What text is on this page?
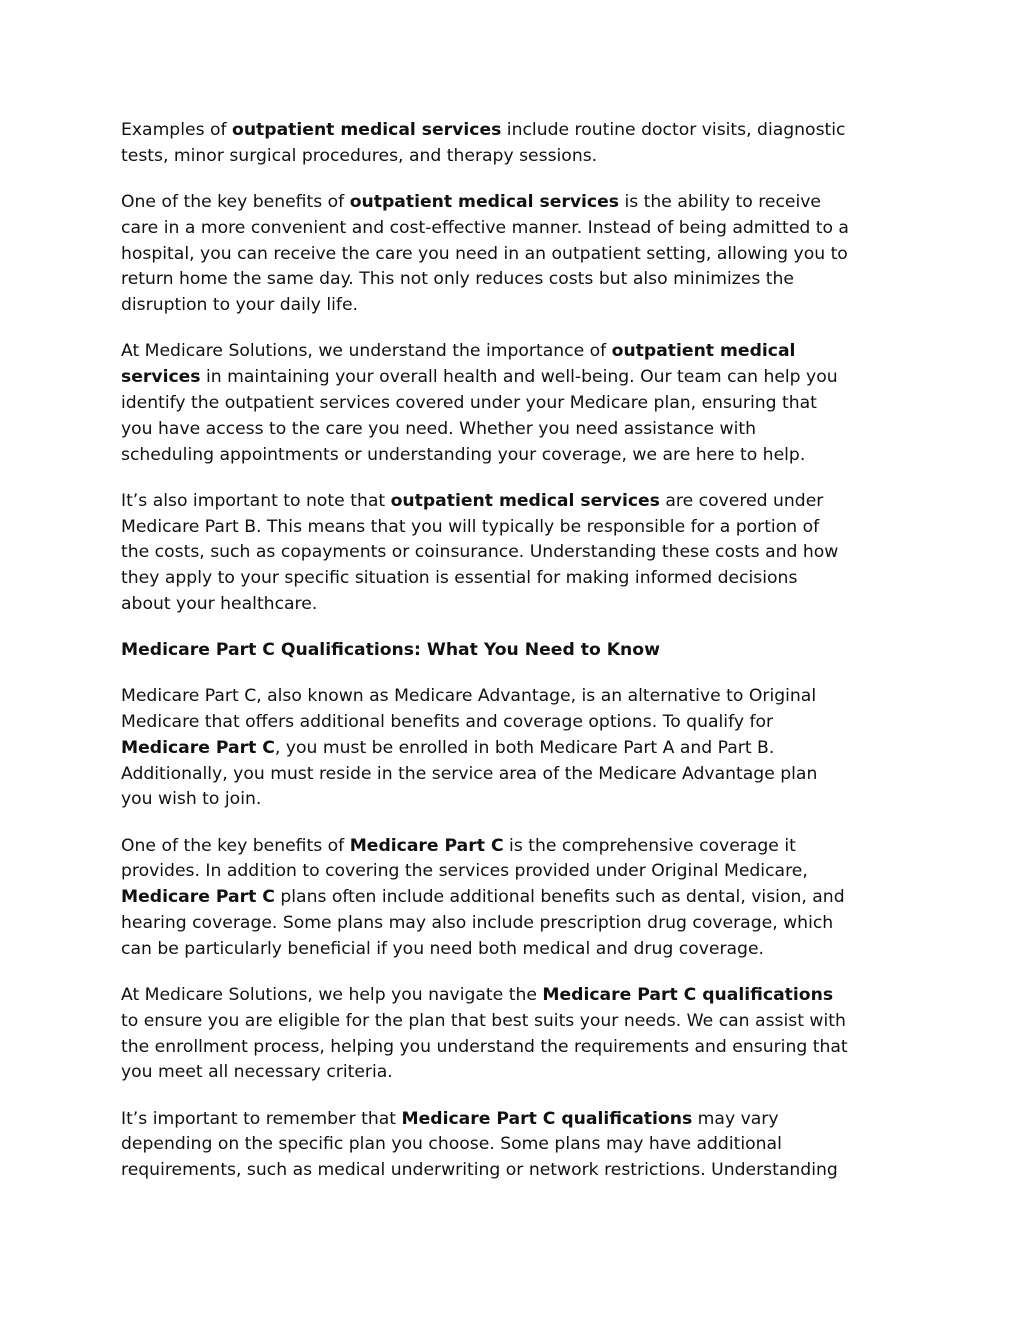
Examples of outpatient medical services include routine doctor visits, diagnostic
tests, minor surgical procedures, and therapy sessions.

One of the key benefits of outpatient medical services is the ability to receive
care in a more convenient and cost-effective manner. Instead of being admitted to a
hospital, you can receive the care you need in an outpatient setting, allowing you to
return home the same day. This not only reduces costs but also minimizes the
disruption to your daily life.

At Medicare Solutions, we understand the importance of outpatient medical
services in maintaining your overall health and well-being. Our team can help you
identify the outpatient services covered under your Medicare plan, ensuring that
you have access to the care you need. Whether you need assistance with
scheduling appointments or understanding your coverage, we are here to help.

It’s also important to note that outpatient medical services are covered under
Medicare Part B. This means that you will typically be responsible for a portion of
the costs, such as copayments or coinsurance. Understanding these costs and how
they apply to your specific situation is essential for making informed decisions
about your healthcare.

Medicare Part C Qualifications: What You Need to Know

Medicare Part C, also known as Medicare Advantage, is an alternative to Original
Medicare that offers additional benefits and coverage options. To qualify for
Medicare Part C, you must be enrolled in both Medicare Part A and Part B.
Additionally, you must reside in the service area of the Medicare Advantage plan
you wish to join.

One of the key benefits of Medicare Part C is the comprehensive coverage it
provides. In addition to covering the services provided under Original Medicare,
Medicare Part C plans often include additional benefits such as dental, vision, and
hearing coverage. Some plans may also include prescription drug coverage, which
can be particularly beneficial if you need both medical and drug coverage.

At Medicare Solutions, we help you navigate the Medicare Part C qualifications
to ensure you are eligible for the plan that best suits your needs. We can assist with
the enrollment process, helping you understand the requirements and ensuring that
you meet all necessary criteria.

It’s important to remember that Medicare Part C qualifications may vary
depending on the specific plan you choose. Some plans may have additional
requirements, such as medical underwriting or network restrictions. Understanding
